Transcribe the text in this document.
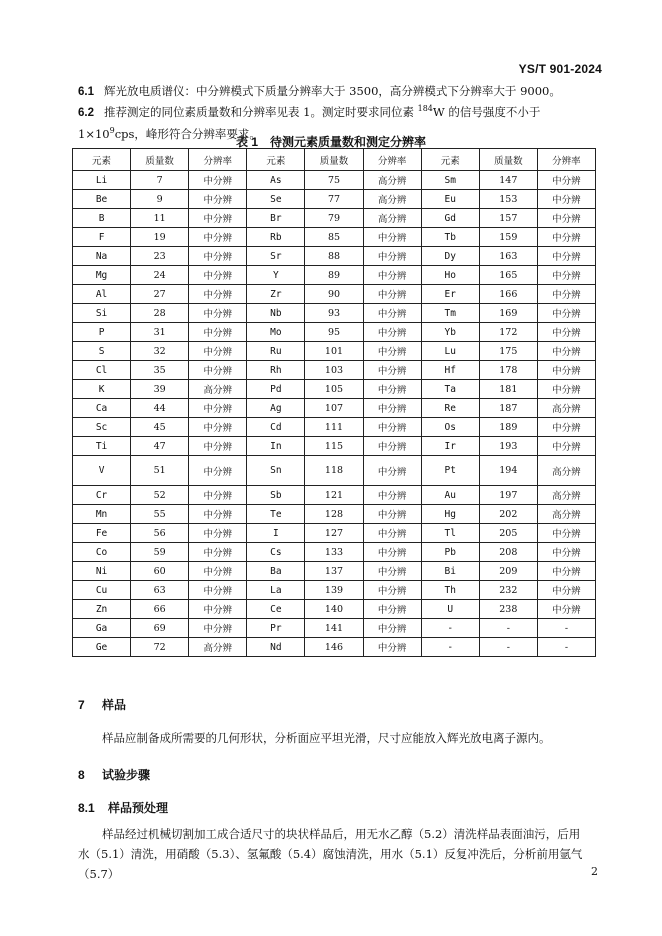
YS/T 901-2024
6.1 辉光放电质谱仪：中分辨模式下质量分辨率大于 3500，高分辨模式下分辨率大于 9000。
6.2 推荐测定的同位素质量数和分辨率见表 1。测定时要求同位素 $^{184}$W 的信号强度不小于 $1\times 10^9cps$，峰形符合分辨率要求。
表 1　待测元素质量数和测定分辨率
元素	质量数	分辨率	元素	质量数	分辨率	元素	质量数	分辨率
Li	7	中分辨	As	75	高分辨	Sm	147	中分辨
Be	9	中分辨	Se	77	高分辨	Eu	153	中分辨
B	11	中分辨	Br	79	高分辨	Gd	157	中分辨
F	19	中分辨	Rb	85	中分辨	Tb	159	中分辨
Na	23	中分辨	Sr	88	中分辨	Dy	163	中分辨
Mg	24	中分辨	Y	89	中分辨	Ho	165	中分辨
Al	27	中分辨	Zr	90	中分辨	Er	166	中分辨
Si	28	中分辨	Nb	93	中分辨	Tm	169	中分辨
P	31	中分辨	Mo	95	中分辨	Yb	172	中分辨
S	32	中分辨	Ru	101	中分辨	Lu	175	中分辨
Cl	35	中分辨	Rh	103	中分辨	Hf	178	中分辨
K	39	高分辨	Pd	105	中分辨	Ta	181	中分辨
Ca	44	中分辨	Ag	107	中分辨	Re	187	高分辨
Sc	45	中分辨	Cd	111	中分辨	Os	189	中分辨
Ti	47	中分辨	In	115	中分辨	Ir	193	中分辨
V	51	中分辨	Sn	118	中分辨	Pt	194	高分辨
Cr	52	中分辨	Sb	121	中分辨	Au	197	高分辨
Mn	55	中分辨	Te	128	中分辨	Hg	202	高分辨
Fe	56	中分辨	I	127	中分辨	Tl	205	中分辨
Co	59	中分辨	Cs	133	中分辨	Pb	208	中分辨
Ni	60	中分辨	Ba	137	中分辨	Bi	209	中分辨
Cu	63	中分辨	La	139	中分辨	Th	232	中分辨
Zn	66	中分辨	Ce	140	中分辨	U	238	中分辨
Ga	69	中分辨	Pr	141	中分辨	-	-	-
Ge	72	高分辨	Nd	146	中分辨	-	-	-
7 样品
样品应制备成所需要的几何形状，分析面应平坦光滑，尺寸应能放入辉光放电离子源内。
8 试验步骤
8.1 样品预处理
样品经过机械切割加工成合适尺寸的块状样品后，用无水乙醇（5.2）清洗样品表面油污，后用水（5.1）清洗，用硝酸（5.3）、氢氟酸（5.4）腐蚀清洗，用水（5.1）反复冲洗后，分析前用氩气（5.7）	2
